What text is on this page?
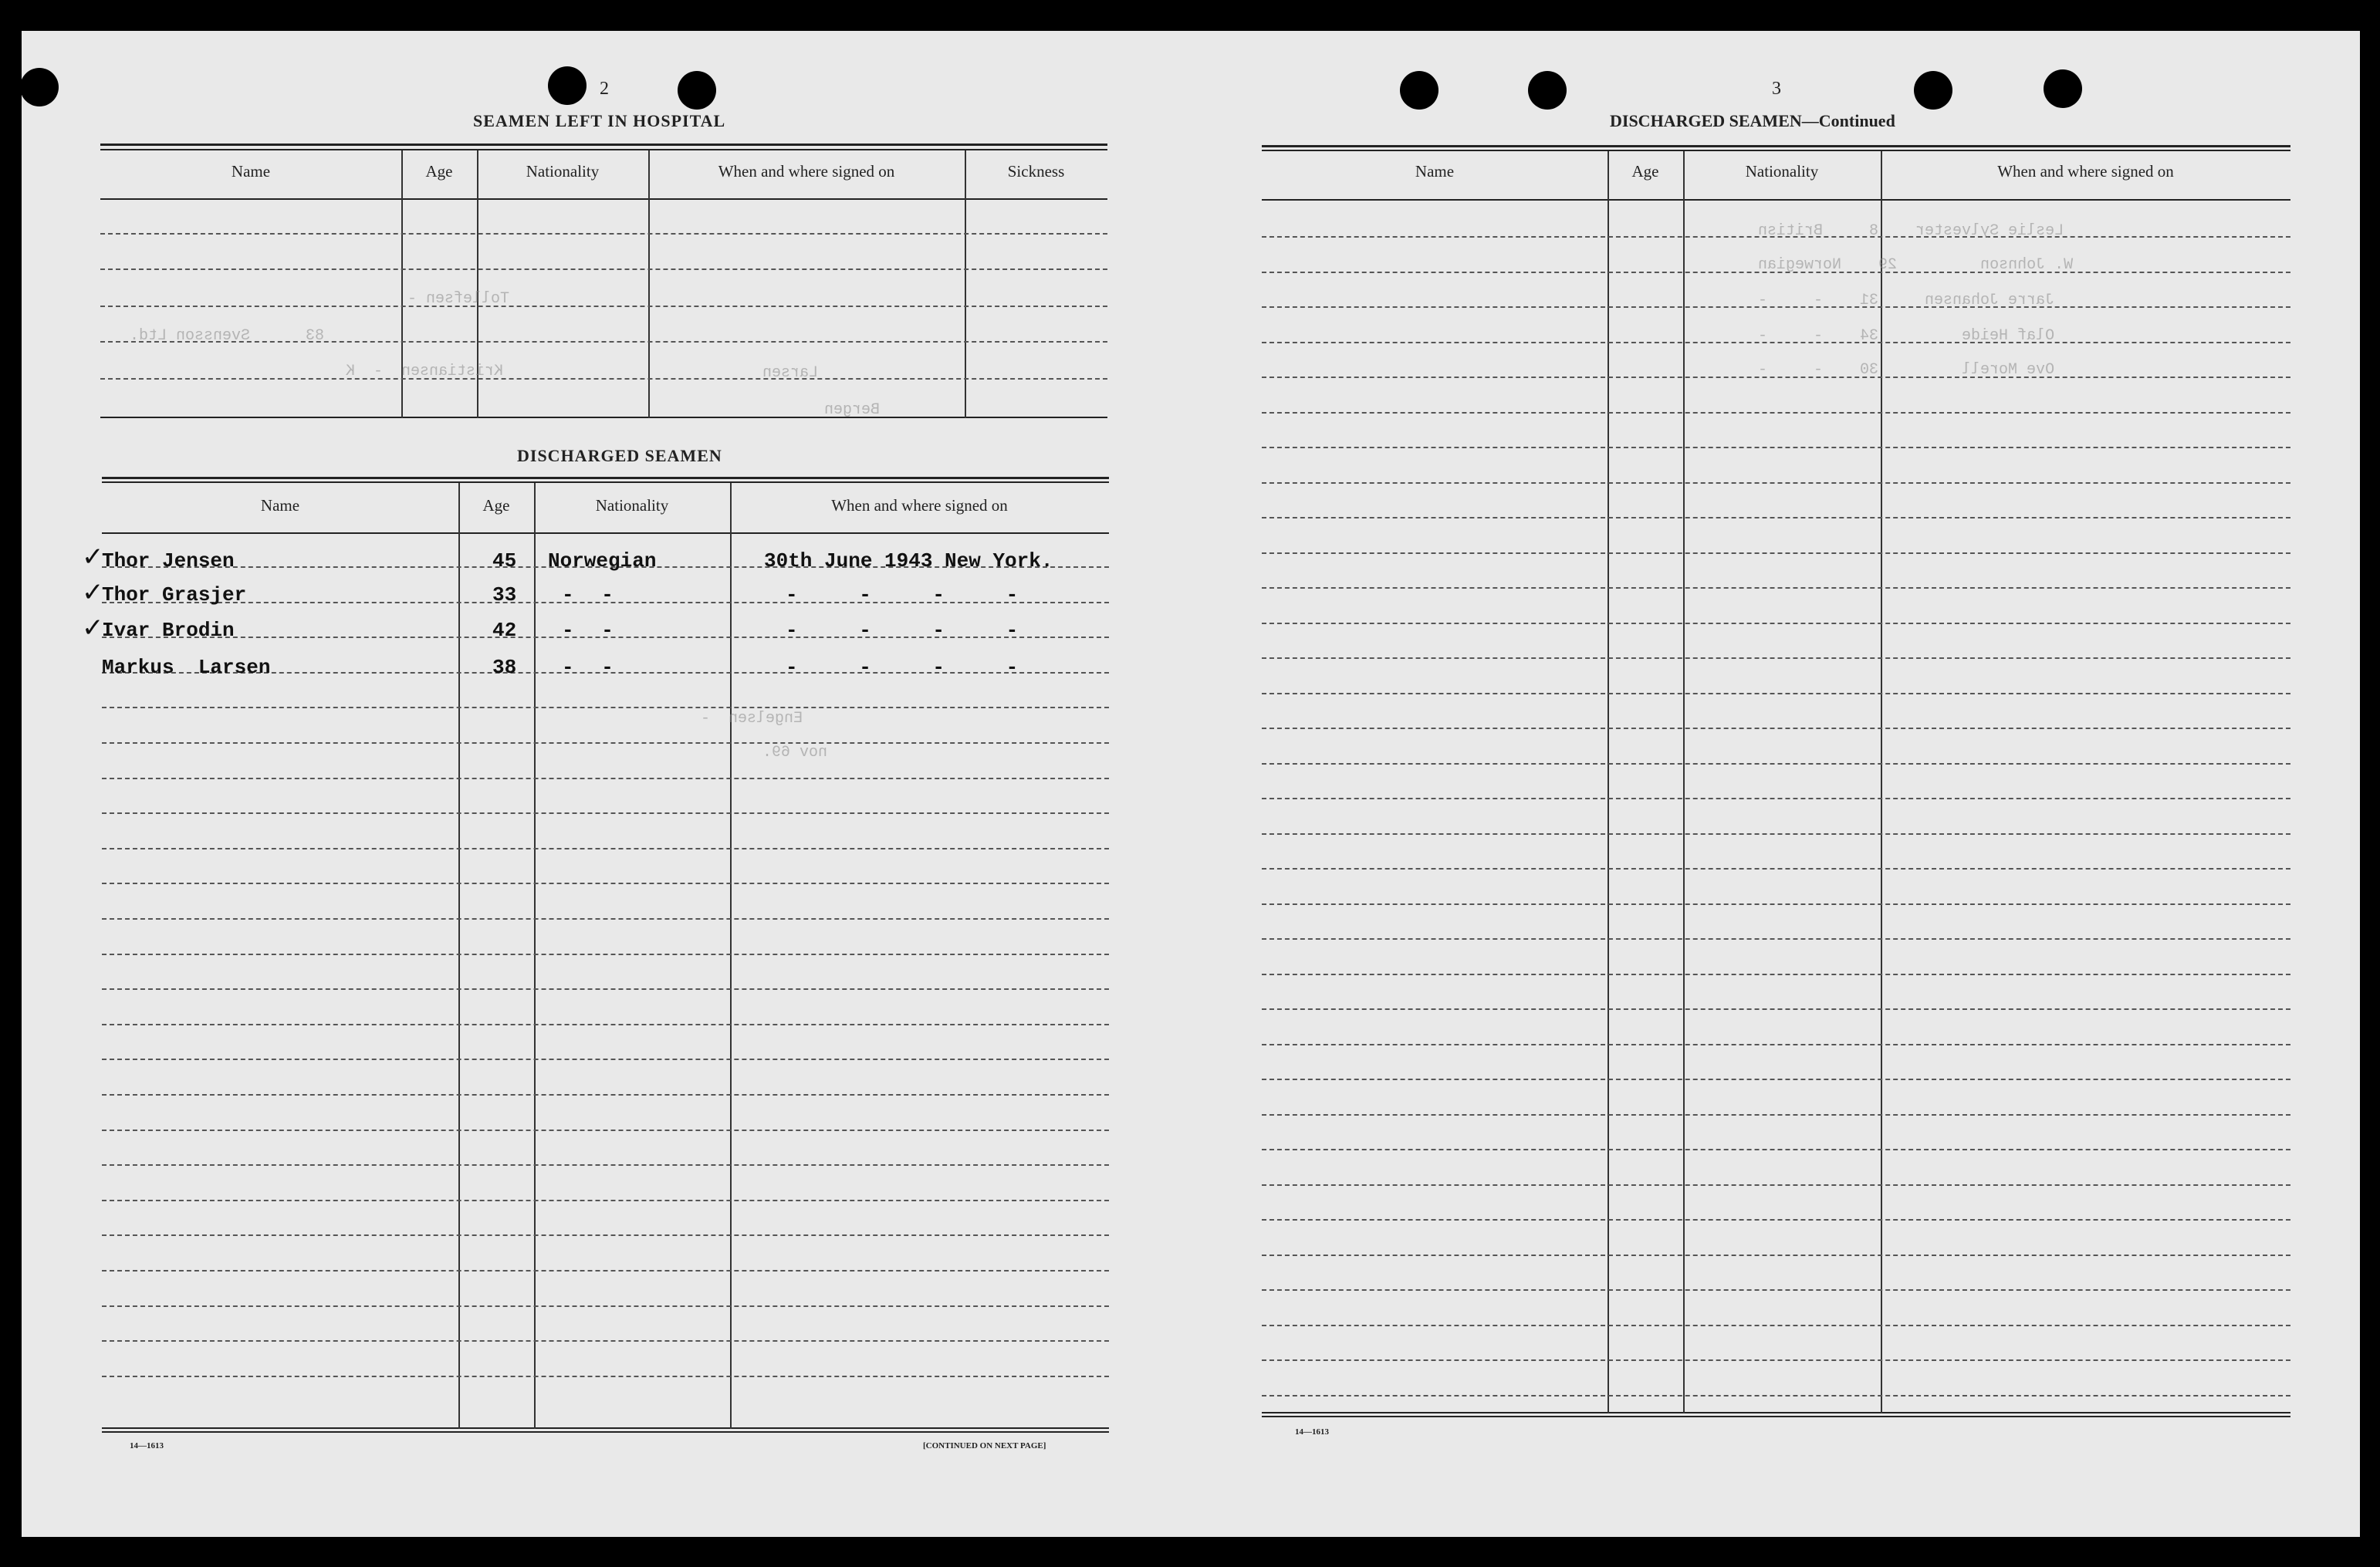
2
SEAMEN LEFT IN HOSPITAL
Name	Age	Nationality	When and where signed on	Sickness
Tollefsen -
83      Svensson Ltd.
Kristiansen  -  K	Larsen
Bergen
DISCHARGED SEAMEN
Name	Age	Nationality	When and where signed on
✓
✓
✓
Thor Jensen	45 Norwegian	30th June 1943 New York.
Thor Grasjer	33 - -	- - - -
Ivar Brodin	42 - -	- - - -
Markus  Larsen	38 - -	- - - -
Engelsen  -
nov 69.
14—1613	[CONTINUED ON NEXT PAGE]
3
DISCHARGED SEAMEN—Continued
Name	Age	Nationality	When and where signed on
Leslie Sylvester    8     Britisn
W. Johnson         29    Norwegian
Jarre Johansen     31    -     -
Olaf Heide         34    -     -
Ove Morell         30    -     -
14—1613
